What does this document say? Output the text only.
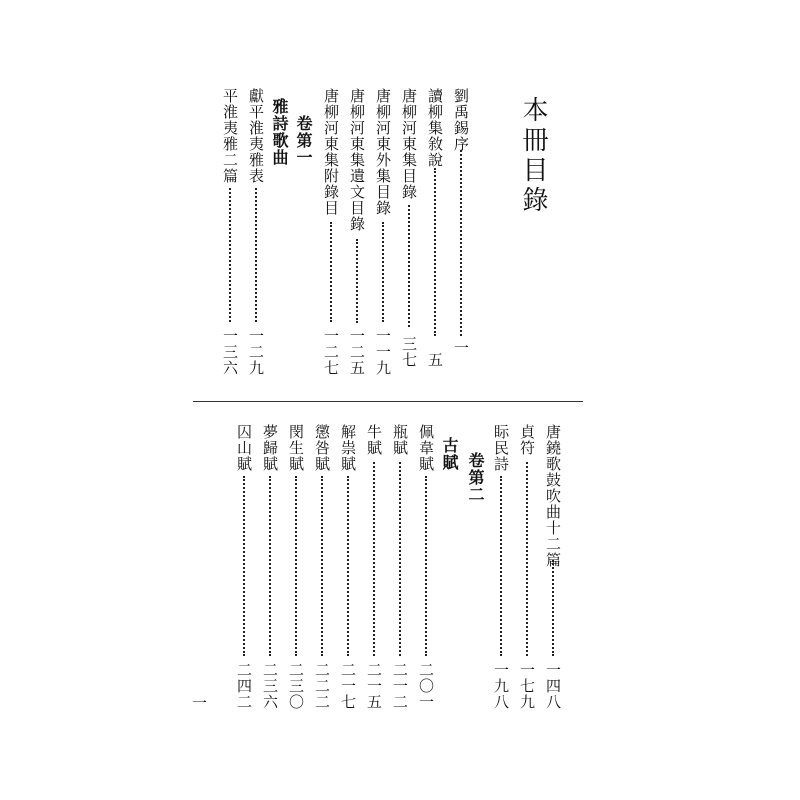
本冊目錄
劉禹錫序
一
讀柳集敘說
五
唐柳河東集目錄
三七
唐柳河東外集目錄
一一九
唐柳河東集遺文目錄
一二五
唐柳河東集附錄目
一二七
卷第一
雅詩歌曲
獻平淮夷雅表
一二九
平淮夷雅二篇
一三六
唐鐃歌鼓吹曲十二篇
一四八
貞符
一七九
眎民詩
一九八
卷第二
古賦
佩韋賦
二〇一
瓶賦
二一二
牛賦
二一五
解祟賦
二一七
懲咎賦
二二二
閔生賦
二三〇
夢歸賦
二三六
囚山賦
二四二
一
